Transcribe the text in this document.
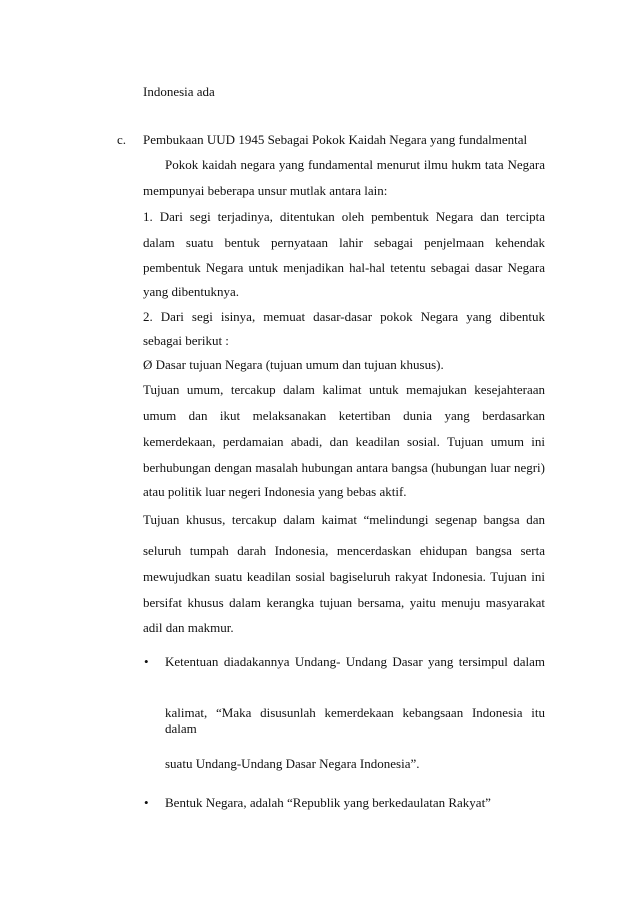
Indonesia ada
c. Pembukaan UUD 1945 Sebagai Pokok Kaidah Negara yang fundalmental
Pokok kaidah negara yang fundamental menurut ilmu hukm tata Negara
mempunyai beberapa unsur mutlak antara lain:
1. Dari segi terjadinya, ditentukan oleh pembentuk Negara dan tercipta
dalam suatu bentuk pernyataan lahir sebagai penjelmaan kehendak
pembentuk Negara untuk menjadikan hal-hal tetentu sebagai dasar Negara
yang dibentuknya.
2. Dari segi isinya, memuat dasar-dasar pokok Negara yang dibentuk
sebagai berikut :
Ø Dasar tujuan Negara (tujuan umum dan tujuan khusus).
Tujuan umum, tercakup dalam kalimat untuk memajukan kesejahteraan
umum dan ikut melaksanakan ketertiban dunia yang berdasarkan
kemerdekaan, perdamaian abadi, dan keadilan sosial. Tujuan umum ini
berhubungan dengan masalah hubungan antara bangsa (hubungan luar negri)
atau politik luar negeri Indonesia yang bebas aktif.
Tujuan khusus, tercakup dalam kaimat “melindungi segenap bangsa dan
seluruh tumpah darah Indonesia, mencerdaskan ehidupan bangsa serta
mewujudkan suatu keadilan sosial bagiseluruh rakyat Indonesia. Tujuan ini
bersifat khusus dalam kerangka tujuan bersama, yaitu menuju masyarakat
adil dan makmur.
• Ketentuan diadakannya Undang- Undang Dasar yang tersimpul dalam
kalimat, “Maka disusunlah kemerdekaan kebangsaan Indonesia itu dalam
suatu Undang-Undang Dasar Negara Indonesia”.
• Bentuk Negara, adalah “Republik yang berkedaulatan Rakyat”
